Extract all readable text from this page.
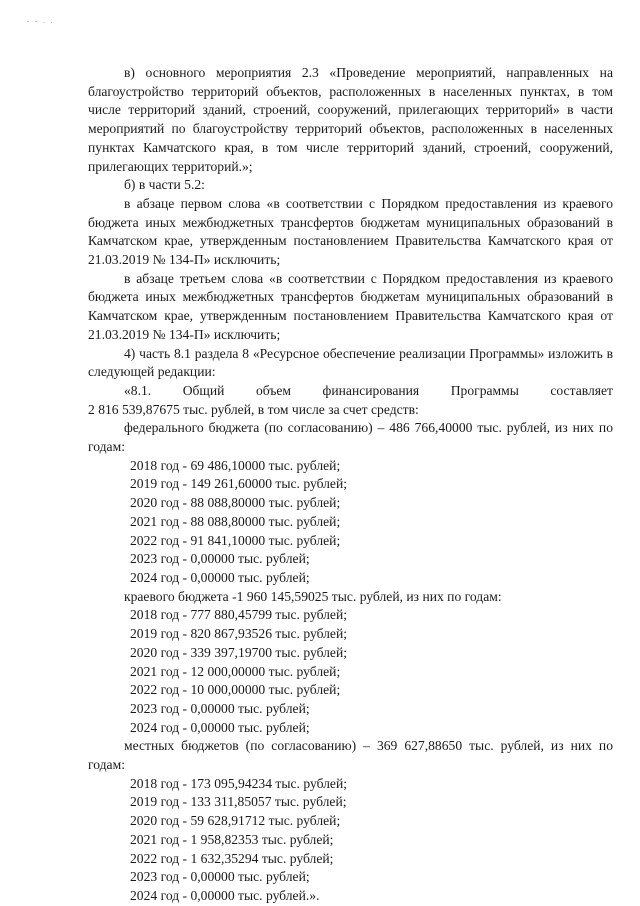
- - . .

в) основного мероприятия 2.3 «Проведение мероприятий, направленных на благоустройство территорий объектов, расположенных в населенных пунктах, в том числе территорий зданий, строений, сооружений, прилегающих территорий» в части мероприятий по благоустройству территорий объектов, расположенных в населенных пунктах Камчатского края, в том числе территорий зданий, строений, сооружений, прилегающих территорий.»;

б) в части 5.2:

в абзаце первом слова «в соответствии с Порядком предоставления из краевого бюджета иных межбюджетных трансфертов бюджетам муниципальных образований в Камчатском крае, утвержденным постановлением Правительства Камчатского края от 21.03.2019 № 134-П» исключить;

в абзаце третьем слова «в соответствии с Порядком предоставления из краевого бюджета иных межбюджетных трансфертов бюджетам муниципальных образований в Камчатском крае, утвержденным постановлением Правительства Камчатского края от 21.03.2019 № 134-П» исключить;

4) часть 8.1 раздела 8 «Ресурсное обеспечение реализации Программы» изложить в следующей редакции:

«8.1. Общий объем финансирования Программы составляет

2 816 539,87675 тыс. рублей, в том числе за счет средств:

федерального бюджета (по согласованию) – 486 766,40000 тыс. рублей, из них по годам:

2018 год - 69 486,10000 тыс. рублей;

2019 год - 149 261,60000 тыс. рублей;

2020 год - 88 088,80000 тыс. рублей;

2021 год - 88 088,80000 тыс. рублей;

2022 год - 91 841,10000 тыс. рублей;

2023 год - 0,00000 тыс. рублей;

2024 год - 0,00000 тыс. рублей;

краевого бюджета -1 960 145,59025 тыс. рублей, из них по годам:

2018 год - 777 880,45799 тыс. рублей;

2019 год - 820 867,93526 тыс. рублей;

2020 год - 339 397,19700 тыс. рублей;

2021 год - 12 000,00000 тыс. рублей;

2022 год - 10 000,00000 тыс. рублей;

2023 год - 0,00000 тыс. рублей;

2024 год - 0,00000 тыс. рублей;

местных бюджетов (по согласованию) – 369 627,88650 тыс. рублей, из них по годам:

2018 год - 173 095,94234 тыс. рублей;

2019 год - 133 311,85057 тыс. рублей;

2020 год - 59 628,91712 тыс. рублей;

2021 год - 1 958,82353 тыс. рублей;

2022 год - 1 632,35294 тыс. рублей;

2023 год - 0,00000 тыс. рублей;

2024 год - 0,00000 тыс. рублей.».
